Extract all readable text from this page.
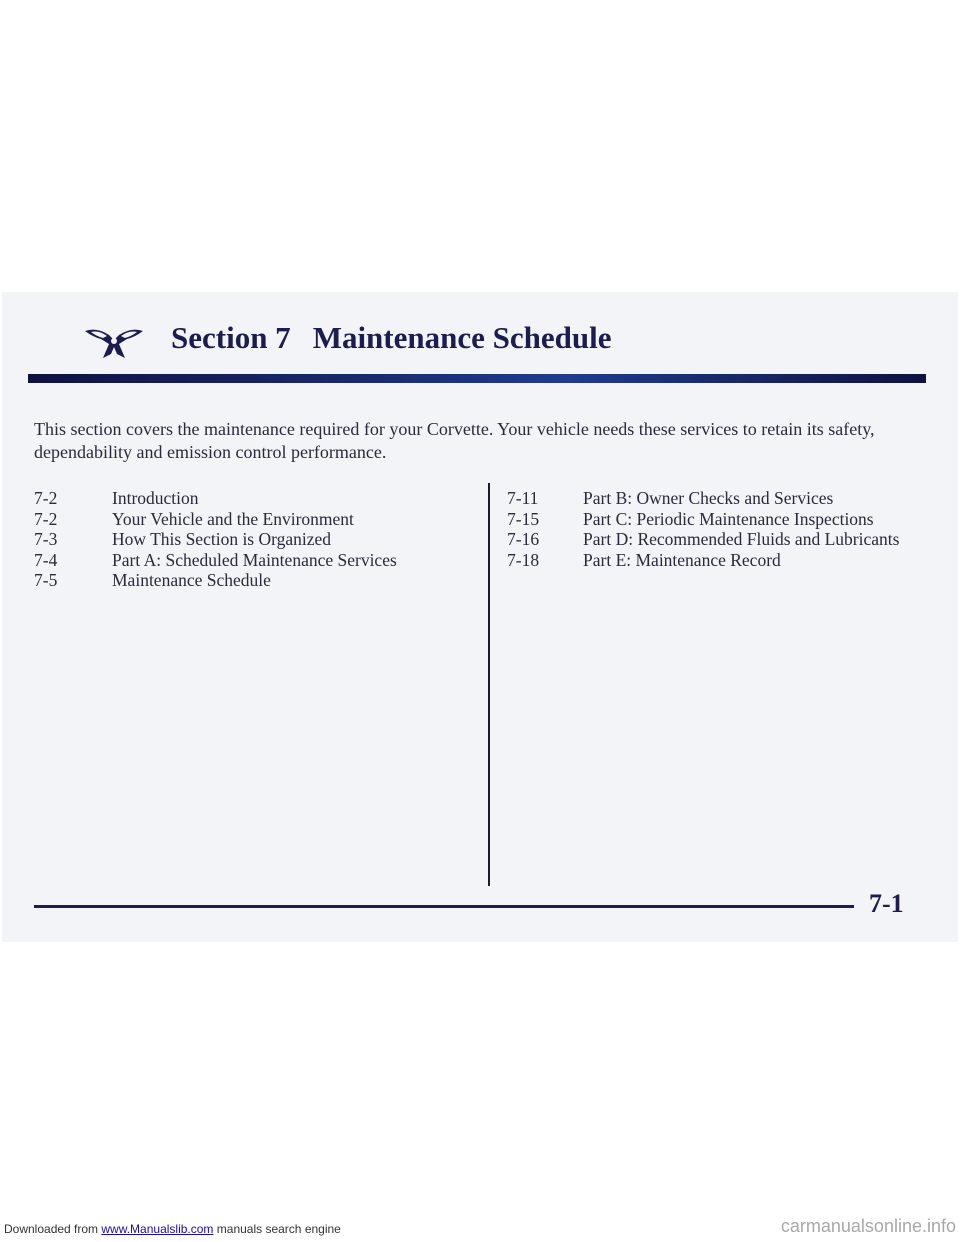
Section 7 Maintenance Schedule

This section covers the maintenance required for your Corvette. Your vehicle needs these services to retain its safety, dependability and emission control performance.

7-2	Introduction
7-2	Your Vehicle and the Environment
7-3	How This Section is Organized
7-4	Part A: Scheduled Maintenance Services
7-5	Maintenance Schedule
7-11	Part B: Owner Checks and Services
7-15	Part C: Periodic Maintenance Inspections
7-16	Part D: Recommended Fluids and Lubricants
7-18	Part E: Maintenance Record
7-1
Downloaded from www.Manualslib.com manuals search engine	carmanualsonline.info
